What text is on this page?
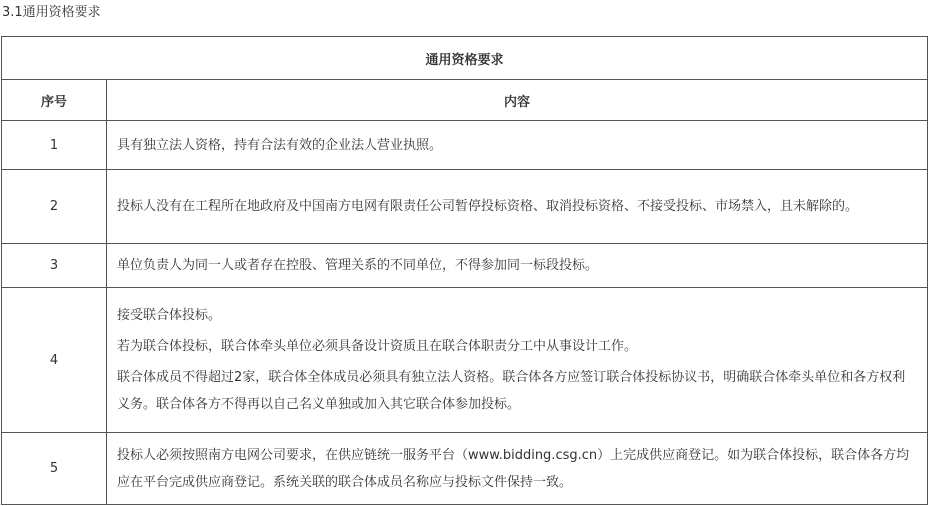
3.1通用资格要求
通用资格要求	
序号	内容
1	具有独立法人资格，持有合法有效的企业法人营业执照。

2	投标人没有在工程所在地政府及中国南方电网有限责任公司暂停投标资格、取消投标资格、不接受投标、市场禁入，且未解除的。

3	单位负责人为同一人或者存在控股、管理关系的不同单位，不得参加同一标段投标。

4	接受联合体投标。

若为联合体投标，联合体牵头单位必须具备设计资质且在联合体职责分工中从事设计工作。

联合体成员不得超过2家，联合体全体成员必须具有独立法人资格。联合体各方应签订联合体投标协议书，明确联合体牵头单位和各方权利义务。联合体各方不得再以自己名义单独或加入其它联合体参加投标。

5	投标人必须按照南方电网公司要求，在供应链统一服务平台（www.bidding.csg.cn）上完成供应商登记。如为联合体投标，联合体各方均应在平台完成供应商登记。系统关联的联合体成员名称应与投标文件保持一致。
